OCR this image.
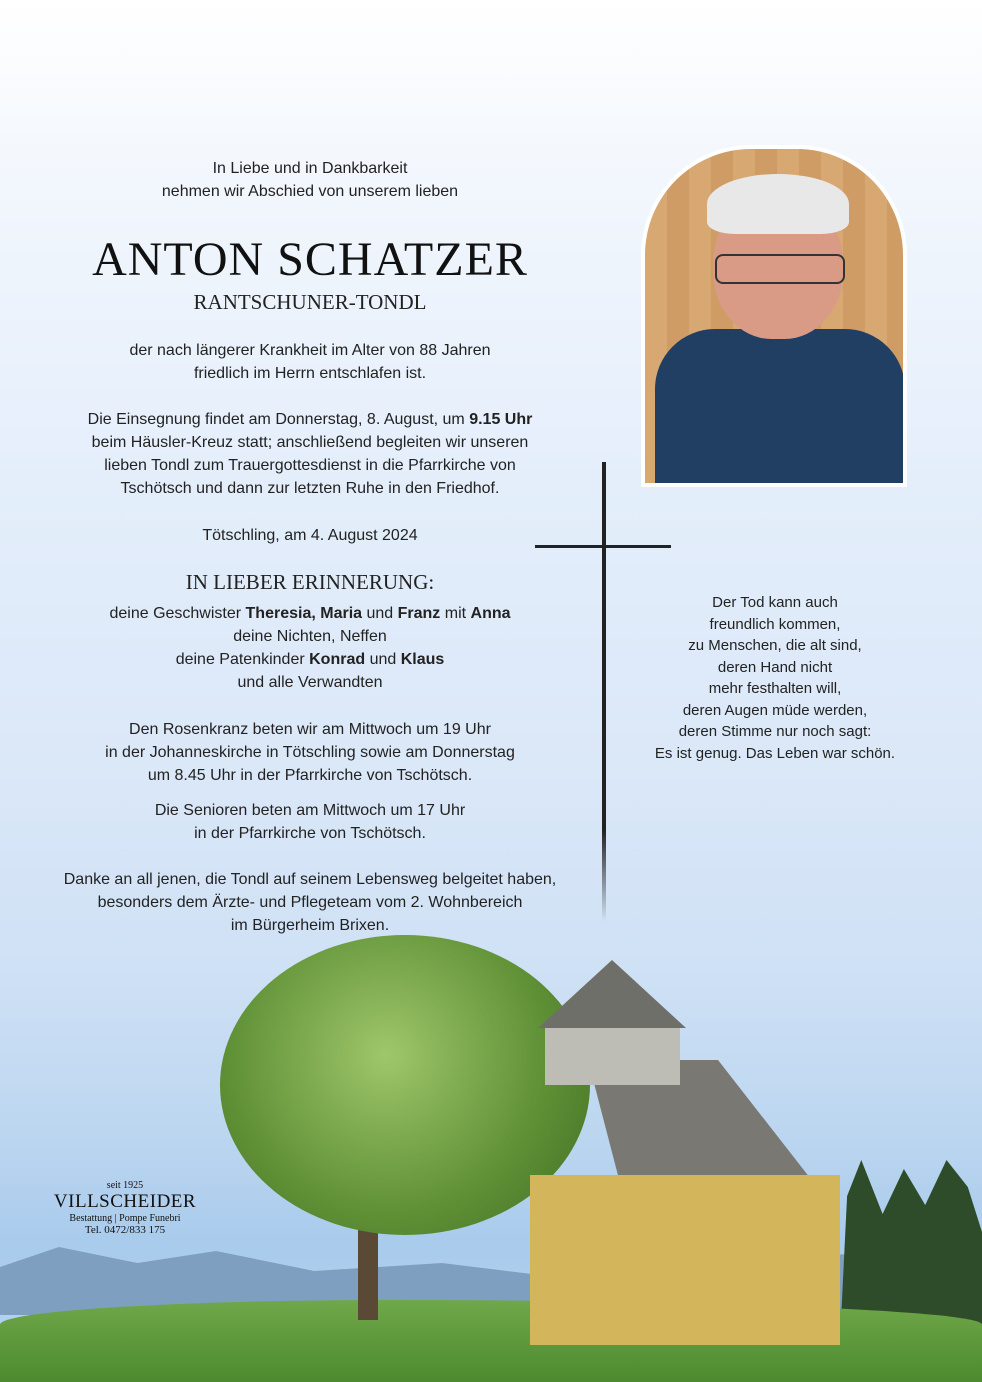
In Liebe und in Dankbarkeit
nehmen wir Abschied von unserem lieben
ANTON SCHATZER
RANTSCHUNER-TONDL
der nach längerer Krankheit im Alter von 88 Jahren
friedlich im Herrn entschlafen ist.
Die Einsegnung findet am Donnerstag, 8. August, um 9.15 Uhr
beim Häusler-Kreuz statt; anschließend begleiten wir unseren
lieben Tondl zum Trauergottesdienst in die Pfarrkirche von
Tschötsch und dann zur letzten Ruhe in den Friedhof.
Tötschling, am 4. August 2024
IN LIEBER ERINNERUNG:
deine Geschwister Theresia, Maria und Franz mit Anna
deine Nichten, Neffen
deine Patenkinder Konrad und Klaus
und alle Verwandten
Den Rosenkranz beten wir am Mittwoch um 19 Uhr
in der Johanneskirche in Tötschling sowie am Donnerstag
um 8.45 Uhr in der Pfarrkirche von Tschötsch.
Die Senioren beten am Mittwoch um 17 Uhr
in der Pfarrkirche von Tschötsch.
Danke an all jenen, die Tondl auf seinem Lebensweg belgeitet haben,
besonders dem Ärzte- und Pflegeteam vom 2. Wohnbereich
im Bürgerheim Brixen.
Der Tod kann auch
freundlich kommen,
zu Menschen, die alt sind,
deren Hand nicht
mehr festhalten will,
deren Augen müde werden,
deren Stimme nur noch sagt:
Es ist genug. Das Leben war schön.
seit 1925
VILLSCHEIDER
Bestattung | Pompe Funebri
Tel. 0472/833 175
